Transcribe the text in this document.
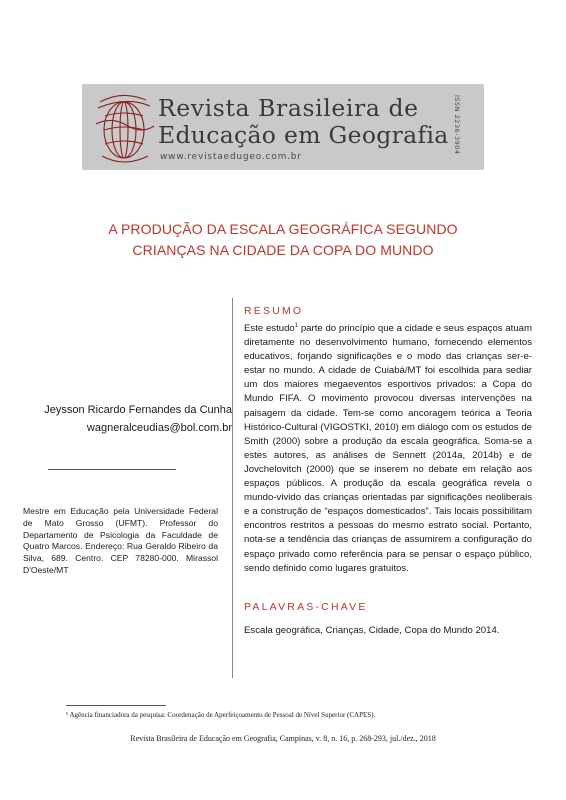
Revista Brasileira de
Educação em Geografia
www.revistaedugeo.com.br
ISSN 2236-3904
A PRODUÇÃO DA ESCALA GEOGRÁFICA SEGUNDO
CRIANÇAS NA CIDADE DA COPA DO MUNDO
Jeysson Ricardo Fernandes da Cunha
wagneralceudias@bol.com.br
Mestre em Educação pela Universidade Federal de Mato Grosso (UFMT). Professor do Departamento de Psicologia da Faculdade de Quatro Marcos. Endereço: Rua Geraldo Ribeiro da Silva, 689. Centro. CEP 78280-000. Mirassol D'Oeste/MT
RESUMO
Este estudo$^1$ parte do princípio que a cidade e seus espaços atuam diretamente no desenvolvimento humano, fornecendo elementos educativos, forjando significações e o modo das crianças ser-e-estar no mundo. A cidade de Cuiabá/MT foi escolhida para sediar um dos maiores megaeventos esportivos privados: a Copa do Mundo FIFA. O movimento provocou diversas intervenções na paisagem da cidade. Tem-se como ancoragem teórica a Teoria Histórico-Cultural (VIGOSTKI, 2010) em diálogo com os estudos de Smith (2000) sobre a produção da escala geográfica. Soma-se a estes autores, as análises de Sennett (2014a, 2014b) e de Jovchelovitch (2000) que se inserem no debate em relação aos espaços públicos. A produção da escala geográfica revela o mundo-vivido das crianças orientadas par significações neoliberais e a construção de “espaços domesticados”. Tais locais possibilitam encontros restritos a pessoas do mesmo estrato social. Portanto, nota-se a tendência das crianças de assumirem a configuração do espaço privado como referência para se pensar o espaço público, sendo definido como lugares gratuitos.
PALAVRAS-CHAVE
Escala geográfica, Crianças, Cidade, Copa do Mundo 2014.
¹ Agência financiadora da pesquisa: Coordenação de Aperfeiçoamento de Pessoal de Nível Superior (CAPES).
Revista Brasileira de Educação em Geografia, Campinas, v. 8, n. 16, p. 268-293, jul./dez., 2018
